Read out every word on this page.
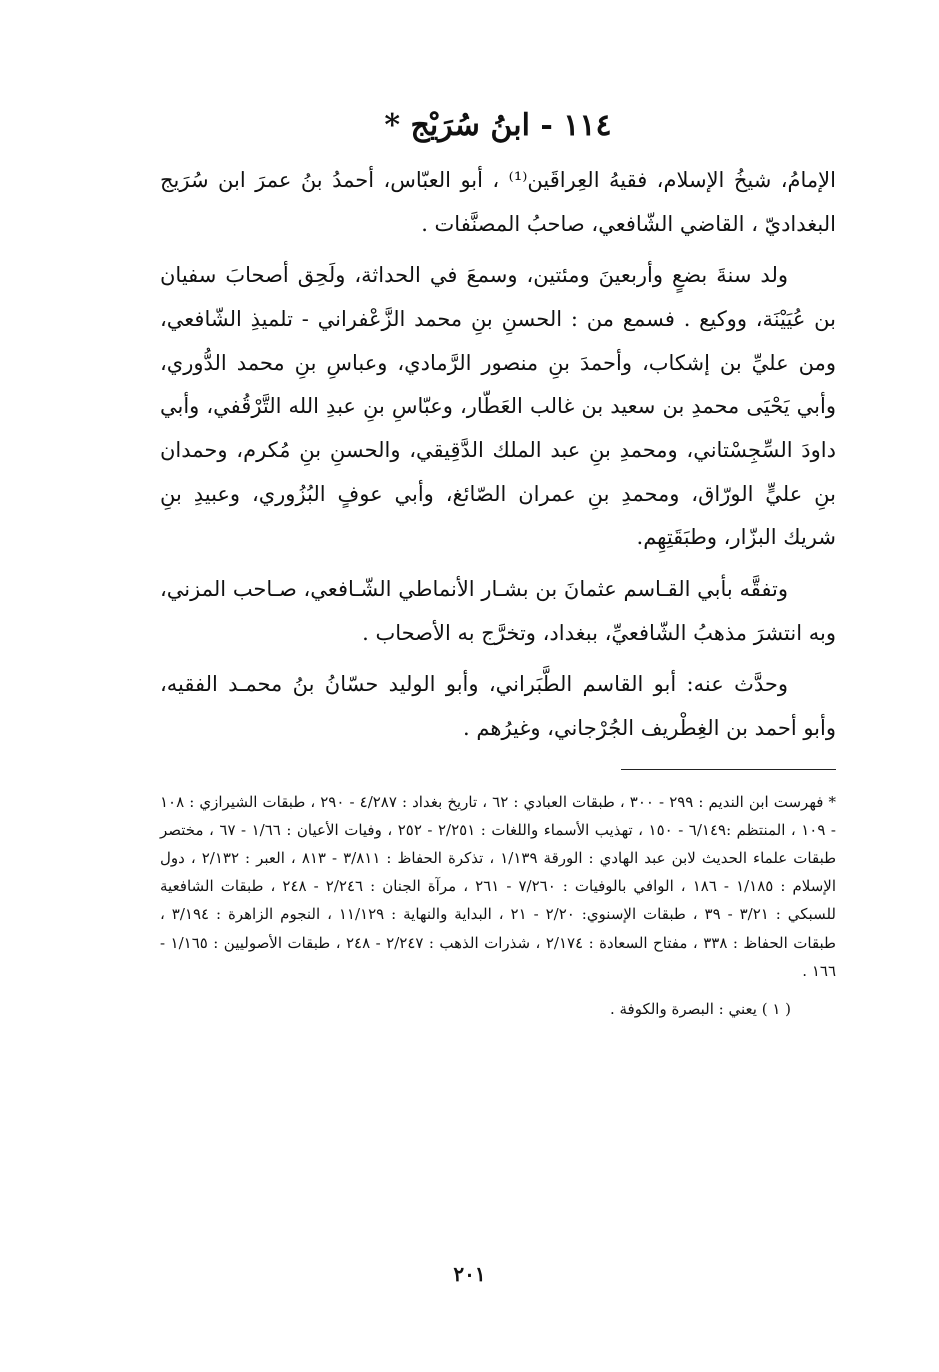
١١٤ - ابنُ سُرَيْج *

الإمامُ، شيخُ الإسلام، فقيهُ العِراقَين⁽¹⁾ ، أبو العبّاس، أحمدُ بنُ عمرَ ابن سُرَيج البغداديّ ، القاضي الشّافعي، صاحبُ المصنَّفات .

ولد سنةَ بضعٍ وأربعينَ ومئتين، وسمعَ في الحداثة، ولَحِق أصحابَ سفيان بن عُيَيْنَة، ووكيع . فسمع من : الحسنِ بنِ محمد الزَّعْفراني - تلميذِ الشّافعي، ومن عليِّ بن إشكاب، وأحمدَ بنِ منصور الرَّمادي، وعباسِ بنِ محمد الدُّوري، وأبي يَحْيَى محمدِ بن سعيد بن غالب العَطّار، وعبّاسِ بنِ عبدِ الله التَّرْقُفي، وأبي داودَ السِّجِسْتاني، ومحمدِ بنِ عبد الملك الدَّقِيقي، والحسنِ بنِ مُكرم، وحمدان بنِ عليٍّ الورّاق، ومحمدِ بنِ عمران الصّائغ، وأبي عوفٍ البُزُوري، وعبيدِ بنِ شريك البزّار، وطبَقَتِهِم.

وتفقَّه بأبي القـاسم عثمانَ بن بشـار الأنماطي الشّـافعي، صـاحب المزني، وبه انتشرَ مذهبُ الشّافعيِّ، ببغداد، وتخرَّج به الأصحاب .

وحدَّث عنه: أبو القاسم الطَّبَراني، وأبو الوليد حسّانُ بنُ محمـد الفقيه، وأبو أحمد بن الغِطْريف الجُرْجاني، وغيرُهم .

* فهرست ابن النديم : ٢٩٩ - ٣٠٠ ، طبقات العبادي : ٦٢ ، تاريخ بغداد : ٤/٢٨٧ - ٢٩٠ ، طبقات الشيرازي : ١٠٨ - ١٠٩ ، المنتظم :٦/١٤٩ - ١٥٠ ، تهذيب الأسماء واللغات : ٢/٢٥١ - ٢٥٢ ، وفيات الأعيان : ١/٦٦ - ٦٧ ، مختصر طبقات علماء الحديث لابن عبد الهادي : الورقة ١/١٣٩ ، تذكرة الحفاظ : ٣/٨١١ - ٨١٣ ، العبر : ٢/١٣٢ ، دول الإسلام : ١/١٨٥ - ١٨٦ ، الوافي بالوفيات : ٧/٢٦٠ - ٢٦١ ، مرآة الجنان : ٢/٢٤٦ - ٢٤٨ ، طبقات الشافعية للسبكي : ٣/٢١ - ٣٩ ، طبقات الإسنوي: ٢/٢٠ - ٢١ ، البداية والنهاية : ١١/١٢٩ ، النجوم الزاهرة : ٣/١٩٤ ، طبقات الحفاظ : ٣٣٨ ، مفتاح السعادة : ٢/١٧٤ ، شذرات الذهب : ٢/٢٤٧ - ٢٤٨ ، طبقات الأصوليين : ١/١٦٥ - ١٦٦ .

( ١ ) يعني : البصرة والكوفة .

٢٠١
